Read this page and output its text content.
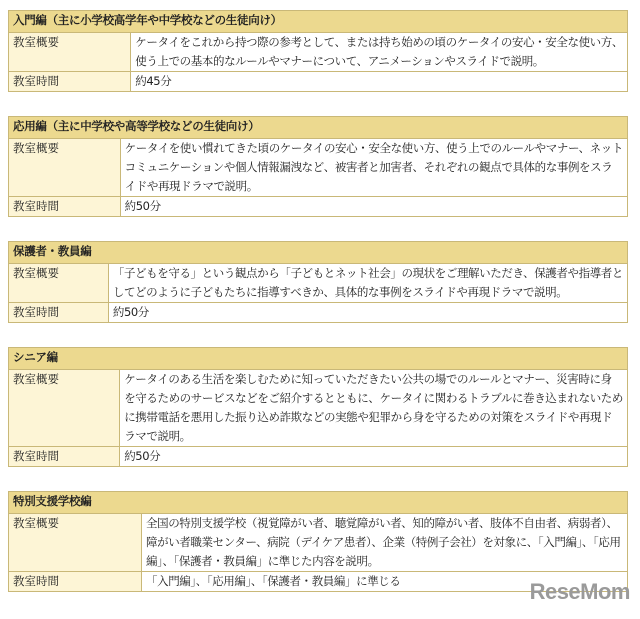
入門編（主に小学校高学年や中学校などの生徒向け）	
教室概要	ケータイをこれから持つ際の参考として、または持ち始めの頃のケータイの安心・安全な使い方、
使う上での基本的なルールやマナーについて、アニメーションやスライドで説明。

教室時間	約45分
応用編（主に中学校や高等学校などの生徒向け）	
教室概要	ケータイを使い慣れてきた頃のケータイの安心・安全な使い方、使う上でのルールやマナー、ネット
コミュニケーションや個人情報漏洩など、被害者と加害者、それぞれの観点で具体的な事例をスラ
イドや再現ドラマで説明。

教室時間	約50分
保護者・教員編	
教室概要	「子どもを守る」という観点から「子どもとネット社会」の現状をご理解いただき、保護者や指導者と
してどのように子どもたちに指導すべきか、具体的な事例をスライドや再現ドラマで説明。

教室時間	約50分
シニア編	
教室概要	ケータイのある生活を楽しむために知っていただきたい公共の場でのルールとマナー、災害時に身
を守るためのサービスなどをご紹介するとともに、ケータイに関わるトラブルに巻き込まれないため
に携帯電話を悪用した振り込め詐欺などの実態や犯罪から身を守るための対策をスライドや再現ド
ラマで説明。

教室時間	約50分
特別支援学校編	
教室概要	全国の特別支援学校（視覚障がい者、聴覚障がい者、知的障がい者、肢体不自由者、病弱者）、
障がい者職業センター、病院（デイケア患者）、企業（特例子会社）を対象に、「入門編」、「応用
編」、「保護者・教員編」に準じた内容を説明。

教室時間	「入門編」、「応用編」、「保護者・教員編」に準じる	ReseMom
